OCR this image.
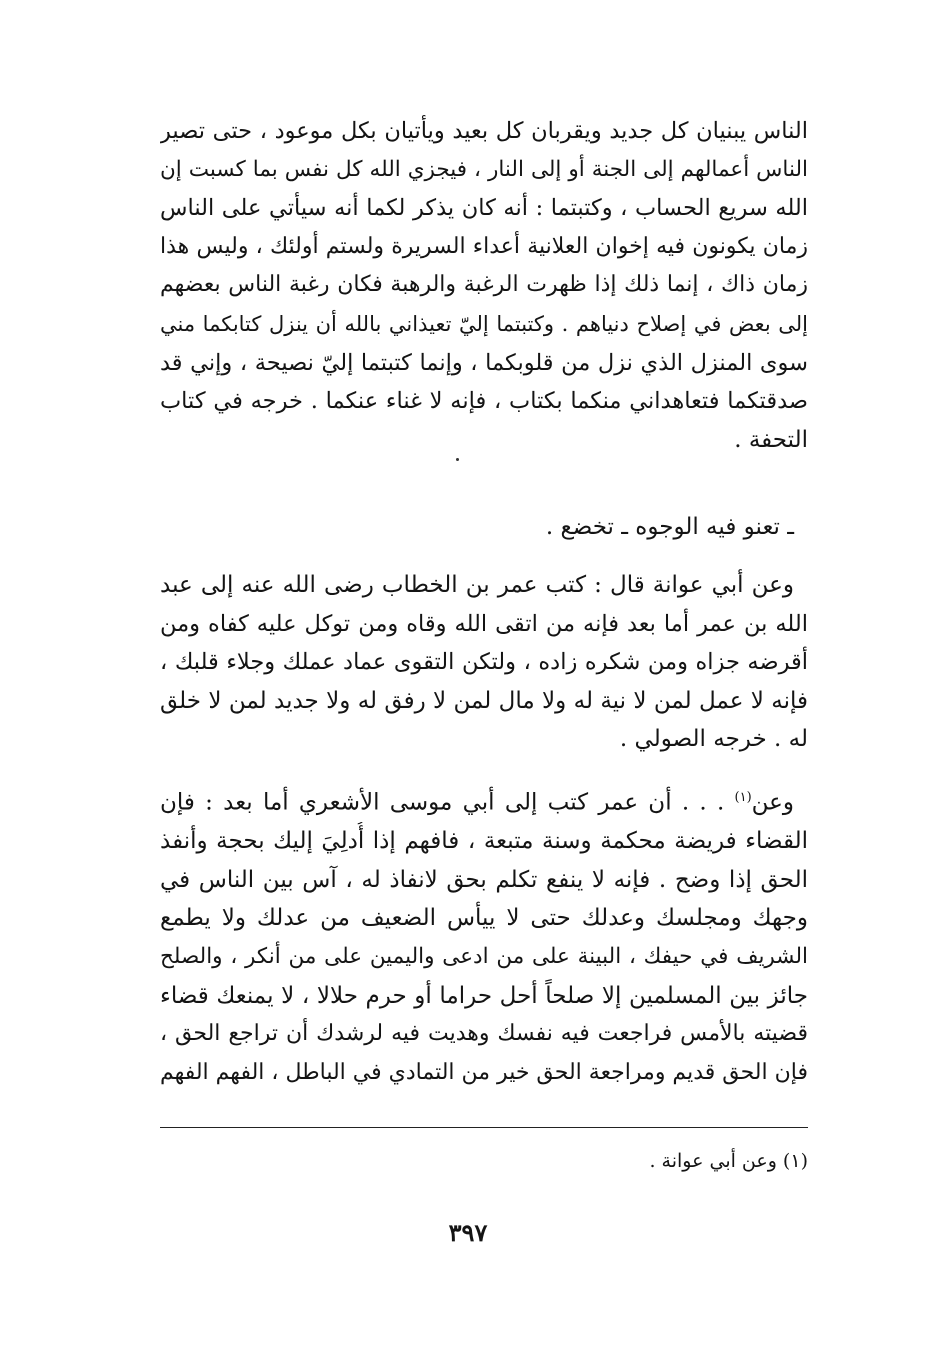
الناس يبنيان كل جديد ويقربان كل بعيد ويأتيان بكل موعود ، حتى تصير
الناس أعمالهم إلى الجنة أو إلى النار ، فيجزي الله كل نفس بما كسبت إن
الله سريع الحساب ، وكتبتما : أنه كان يذكر لكما أنه سيأتي على الناس
زمان يكونون فيه إخوان العلانية أعداء السريرة ولستم أولئك ، وليس هذا
زمان ذاك ، إنما ذلك إذا ظهرت الرغبة والرهبة فكان رغبة الناس بعضهم
إلى بعض في إصلاح دنياهم . وكتبتما إليّ تعيذاني بالله أن ينزل كتابكما مني
سوى المنزل الذي نزل من قلوبكما ، وإنما كتبتما إليّ نصيحة ، وإني قد
صدقتكما فتعاهداني منكما بكتاب ، فإنه لا غناء عنكما . خرجه في كتاب
التحفة .
ـ تعنو فيه الوجوه ـ تخضع .
وعن أبي عوانة قال : كتب عمر بن الخطاب رضى الله عنه إلى عبد
الله بن عمر أما بعد فإنه من اتقى الله وقاه ومن توكل عليه كفاه ومن
أقرضه جزاه ومن شكره زاده ، ولتكن التقوى عماد عملك وجلاء قلبك ،
فإنه لا عمل لمن لا نية له ولا مال لمن لا رفق له ولا جديد لمن لا خلق
له . خرجه الصولي .
وعن$^{(١)}$ . . . أن عمر كتب إلى أبي موسى الأشعري أما بعد : فإن
القضاء فريضة محكمة وسنة متبعة ، فافهم إذا أُدلِيَ إليك بحجة وأنفذ
الحق إذا وضح . فإنه لا ينفع تكلم بحق لانفاذ له ، آس بين الناس في
وجهك ومجلسك وعدلك حتى لا ييأس الضعيف من عدلك ولا يطمع
الشريف في حيفك ، البينة على من ادعى واليمين على من أنكر ، والصلح
جائز بين المسلمين إلا صلحاً أحل حراما أو حرم حلالا ، لا يمنعك قضاء
قضيته بالأمس فراجعت فيه نفسك وهديت فيه لرشدك أن تراجع الحق ،
فإن الحق قديم ومراجعة الحق خير من التمادي في الباطل ، الفهم الفهم
(١) وعن أبي عوانة .
٣٩٧
